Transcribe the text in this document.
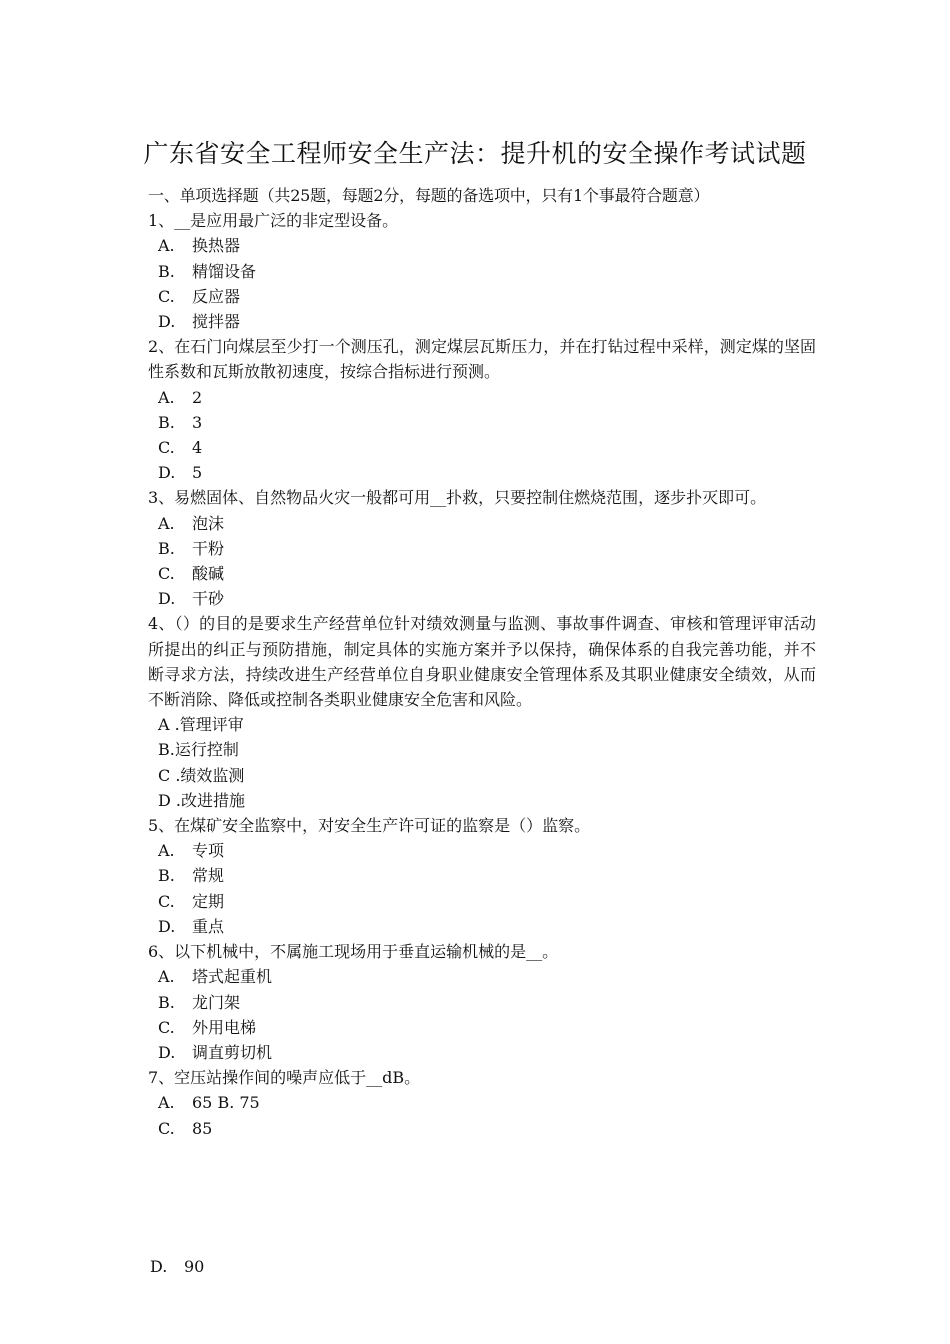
广东省安全工程师安全生产法：提升机的安全操作考试试题
一、单项选择题（共25题，每题2分，每题的备选项中，只有1个事最符合题意）
1、__是应用最广泛的非定型设备。
A. 换热器
B. 精馏设备
C. 反应器
D. 搅拌器
2、在石门向煤层至少打一个测压孔，测定煤层瓦斯压力，并在打钻过程中采样，测定煤的坚固性系数和瓦斯放散初速度，按综合指标进行预测。
A. 2
B. 3
C. 4
D. 5
3、易燃固体、自然物品火灾一般都可用__扑救，只要控制住燃烧范围，逐步扑灭即可。
A. 泡沫
B. 干粉
C. 酸碱
D. 干砂
4、（）的目的是要求生产经营单位针对绩效测量与监测、事故事件调查、审核和管理评审活动所提出的纠正与预防措施，制定具体的实施方案并予以保持，确保体系的自我完善功能，并不断寻求方法，持续改进生产经营单位自身职业健康安全管理体系及其职业健康安全绩效，从而不断消除、降低或控制各类职业健康安全危害和风险。
A .管理评审
B.运行控制
C .绩效监测
D .改进措施
5、在煤矿安全监察中，对安全生产许可证的监察是（）监察。
A. 专项
B. 常规
C. 定期
D. 重点
6、以下机械中，不属施工现场用于垂直运输机械的是__。
A. 塔式起重机
B. 龙门架
C. 外用电梯
D. 调直剪切机
7、空压站操作间的噪声应低于__dB。
A. 65 B. 75
C. 85
D. 90
